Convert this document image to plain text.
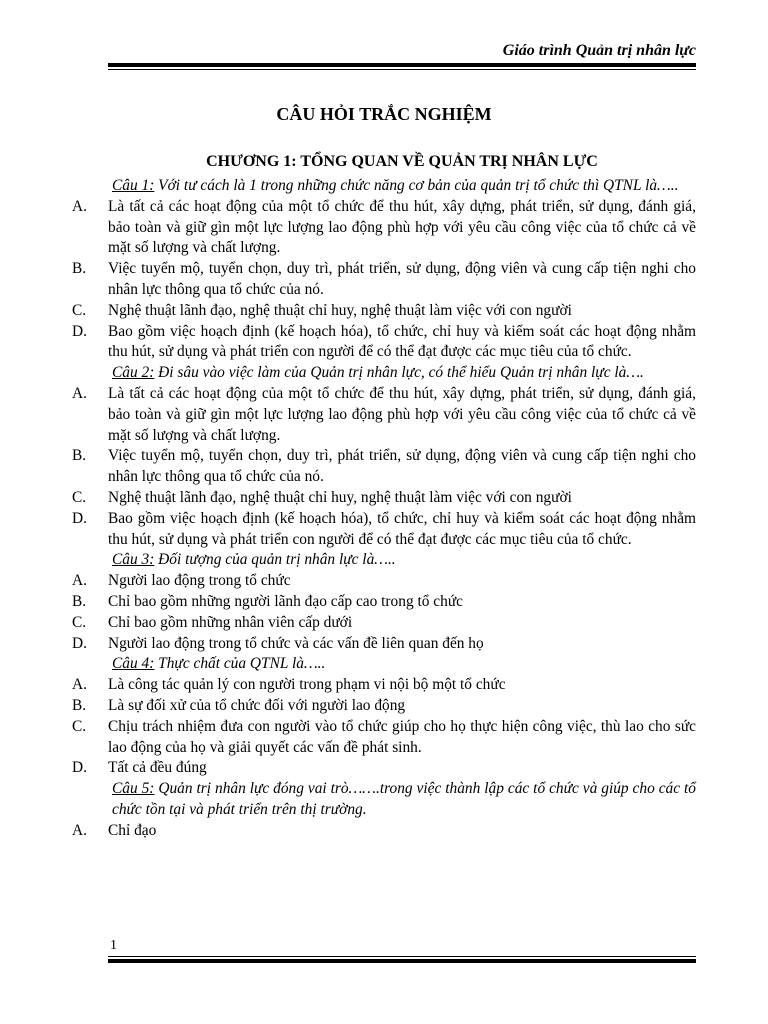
Giáo trình Quản trị nhân lực
CÂU HỎI TRẮC NGHIỆM
CHƯƠNG 1: TỔNG QUAN VỀ QUẢN TRỊ NHÂN LỰC
Câu 1: Với tư cách là 1 trong những chức năng cơ bản của quản trị tổ chức thì QTNL là…..
A.	Là tất cả các hoạt động của một tổ chức để thu hút, xây dựng, phát triển, sử dụng, đánh giá, bảo toàn và giữ gìn một lực lượng lao động phù hợp với yêu cầu công việc của tổ chức cả về mặt số lượng và chất lượng.
B.	Việc tuyển mộ, tuyển chọn, duy trì, phát triển, sử dụng, động viên và cung cấp tiện nghi cho nhân lực thông qua tổ chức của nó.
C.	Nghệ thuật lãnh đạo, nghệ thuật chỉ huy, nghệ thuật làm việc với con người
D.	Bao gồm việc hoạch định (kế hoạch hóa), tổ chức, chỉ huy và kiểm soát các hoạt động nhằm thu hút, sử dụng và phát triển con người để có thể đạt được các mục tiêu của tổ chức.
Câu 2: Đi sâu vào việc làm của Quản trị nhân lực, có thể hiểu Quản trị nhân lực là….
A.	Là tất cả các hoạt động của một tổ chức để thu hút, xây dựng, phát triển, sử dụng, đánh giá, bảo toàn và giữ gìn một lực lượng lao động phù hợp với yêu cầu công việc của tổ chức cả về mặt số lượng và chất lượng.
B.	Việc tuyển mộ, tuyển chọn, duy trì, phát triển, sử dụng, động viên và cung cấp tiện nghi cho nhân lực thông qua tổ chức của nó.
C.	Nghệ thuật lãnh đạo, nghệ thuật chỉ huy, nghệ thuật làm việc với con người
D.	Bao gồm việc hoạch định (kế hoạch hóa), tổ chức, chỉ huy và kiểm soát các hoạt động nhằm thu hút, sử dụng và phát triển con người để có thể đạt được các mục tiêu của tổ chức.
Câu 3: Đối tượng của quản trị nhân lực là…..
A.	Người lao động trong tổ chức
B.	Chỉ bao gồm những người lãnh đạo cấp cao trong tổ chức
C.	Chỉ bao gồm những nhân viên cấp dưới
D.	Người lao động trong tổ chức và các vấn đề liên quan đến họ
Câu 4: Thực chất của QTNL là…..
A.	Là công tác quản lý con người trong phạm vi nội bộ một tổ chức
B.	Là sự đối xử của tổ chức đối với người lao động
C.	Chịu trách nhiệm đưa con người vào tổ chức giúp cho họ thực hiện công việc, thù lao cho sức lao động của họ và giải quyết các vấn đề phát sinh.
D.	Tất cả đều đúng
Câu 5: Quản trị nhân lực đóng vai trò…….trong việc thành lập các tổ chức và giúp cho các tổ chức tồn tại và phát triển trên thị trường.
A.	Chỉ đạo
1
